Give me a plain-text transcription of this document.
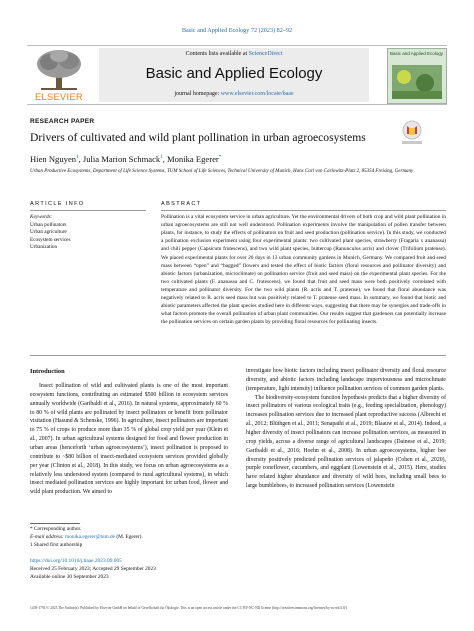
Basic and Applied Ecology 72 (2023) 82–92
ELSEVIER
Contents lists available at ScienceDirect
Basic and Applied Ecology
journal homepage: www.elsevier.com/locate/baae
Basic and Applied Ecology
RESEARCH PAPER
Drivers of cultivated and wild plant pollination in urban agroecosystems
Hien Nguyen$^1$, Julia Marion Schmack$^1$, Monika Egerer*
Urban Productive Ecosystems, Department of Life Science Systems, TUM School of Life Sciences, Technical University of Munich, Hans Carl von Carlowitz-Platz 2, 85354 Freising, Germany
ARTICLE INFO
Keywords:
Urban pollinators
Urban agriculture
Ecosystem services
Urbanization
ABSTRACT
Pollination is a vital ecosystem service in urban agriculture. Yet the environmental drivers of both crop and wild plant pollination in urban agroecosystems are still not well understood. Pollination experiments involve the manipulation of pollen transfer between plants, for instance, to study the effects of pollinators on fruit and seed production (pollination service). In this study, we conducted a pollination exclusion experiment using four experimental plants: two cultivated plant species, strawberry (Fragaria x ananassa) and chili pepper (Capsicum frutescens), and two wild plant species, buttercup (Ranunculus acris) and clover (Trifolium pratense). We placed experimental plants for over 20 days in 13 urban community gardens in Munich, Germany. We compared fruit and seed mass between “open” and “bagged” flowers and tested the effect of biotic factors (floral resources and pollinator diversity) and abiotic factors (urbanization, microclimate) on pollination service (fruit and seed mass) on the experimental plant species. For the two cultivated plants (F. ananassa and C. frutescens), we found that fruit and seed mass were both positively correlated with temperature and pollinator diversity. For the two wild plants (R. acris and T. pratense), we found that floral abundance was negatively related to R. acris seed mass but was positively related to T. pratense seed mass. In summary, we found that biotic and abiotic parameters affected the plant species studied here in different ways, suggesting that there may be synergies and trade-offs in what factors promote the overall pollination of urban plant communities. Our results suggest that gardeners can potentially increase the pollination services on certain garden plants by providing floral resources for pollinating insects.
Introduction

Insect pollination of wild and cultivated plants is one of the most important ecosystem functions, contributing an estimated $500 billion in ecosystem services annually worldwide (Garibaldi et al., 2016). In natural systems, approximately 60 % to 80 % of wild plants are pollinated by insect pollinators or benefit from pollinator visitation (Hasund & Schenske, 1996). In agriculture, insect pollinators are important to 75 % of crops to produce more than 35 % of global crop yield per year (Klein et al., 2007). In urban agricultural systems designed for food and flower production in urban areas (henceforth ‘urban agroecosystems’), insect pollination is proposed to contribute to ~$80 billion of insect-mediated ecosystem services provided globally per year (Clinton et al., 2018). In this study, we focus on urban agroecosystems as a relatively less understood system (compared to rural agricultural systems), in which insect mediated pollination services are highly important for urban food, flower and wild plant production. We aimed to

investigate how biotic factors including insect pollinator diversity and floral resource diversity, and abiotic factors including landscape imperviousness and microclimate (temperature, light intensity) influence pollination services of common garden plants.

The biodiversity-ecosystem function hypothesis predicts that a higher diversity of insect pollinators of various ecological traits (e.g., feeding specialization, phenology) increases pollination services due to increased plant reproductive success (Albrecht et al., 2012; Blüthgen et al., 2011; Senapathi et al., 2019; Blaauw et al., 2014). Indeed, a higher diversity of insect pollinators can increase pollination services, as measured in crop yields, across a diverse range of agricultural landscapes (Dainese et al., 2019; Garibaldi et al., 2016; Hoehn et al., 2008). In urban agroecosystems, higher bee diversity positively predicted pollination services of jalapeño (Cohen et al., 2020), purple coneflower, cucumbers, and eggplant (Lowenstein et al., 2015). Here, studies have related higher abundance and diversity of wild bees, including small bees to large bumblebees, to increased pollination services (Lowenstein

* Corresponding author.
E-mail address: monika.egerer@tum.de (M. Egerer).
1 Shared first authorship
https://doi.org/10.1016/j.baae.2023.09.005
Received 25 February 2023; Accepted 29 September 2023
Available online 30 September 2023
1439-1791/© 2023 The Author(s). Published by Elsevier GmbH on behalf of Gesellschaft für Ökologie. This is an open access article under the CC BY-NC-ND license (http://creativecommons.org/licenses/by-nc-nd/4.0/).
